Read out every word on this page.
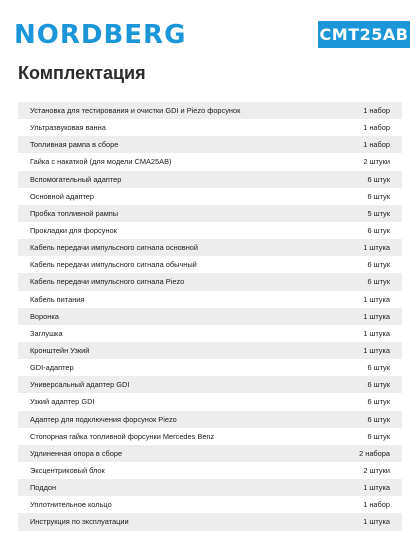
NORDBERG	CMT25AB
Комплектация
Установка для тестирования и очистки GDI и Piezo форсунок	1 набор
Ультразвуковая ванна	1 набор
Топливная рампа в сборе	1 набор
Гайка с накаткой (для модели CMA25AB)	2 штуки
Вспомогательный адаптер	6 штук
Основной адаптер	6 штук
Пробка топливной рампы	5 штук
Прокладки для форсунок	6 штук
Кабель передачи импульсного сигнала основной	1 штука
Кабель передачи импульсного сигнала обычный	6 штук
Кабель передачи импульсного сигнала Piezo	6 штук
Кабель питания	1 штука
Воронка	1 штука
Заглушка	1 штука
Кронштейн Узкий	1 штука
GDI-адаптер	6 штук
Универсальный адаптер GDI	6 штук
Узкий адаптер GDI	6 штук
Адаптер для подключения форсунок Piezo	6 штук
Стопорная гайка топливной форсунки Mercedes Benz	6 штук
Удлиненная опора в сборе	2 набора
Эксцентриковый блок	2 штуки
Поддон	1 штука
Уплотнительное кольцо	1 набор
Инструкция по эксплуатации	1 штука
